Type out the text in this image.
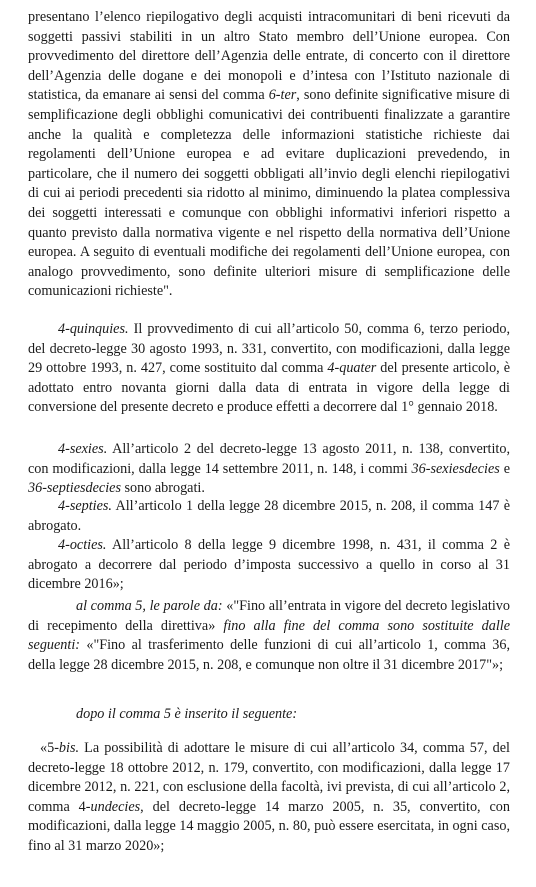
presentano l’elenco riepilogativo degli acquisti intracomunitari di beni ricevuti da soggetti passivi stabiliti in un altro Stato membro dell’Unione europea. Con provvedimento del direttore dell’Agenzia delle entrate, di concerto con il direttore dell’Agenzia delle dogane e dei monopoli e d’intesa con l’Istituto nazionale di statistica, da emanare ai sensi del comma 6-ter, sono definite significative misure di semplificazione degli obblighi comunicativi dei contribuenti finalizzate a garantire anche la qualità e completezza delle informazioni statistiche richieste dai regolamenti dell’Unione europea e ad evitare duplicazioni prevedendo, in particolare, che il numero dei soggetti obbligati all’invio degli elenchi riepilogativi di cui ai periodi precedenti sia ridotto al minimo, diminuendo la platea complessiva dei soggetti interessati e comunque con obblighi informativi inferiori rispetto a quanto previsto dalla normativa vigente e nel rispetto della normativa dell’Unione europea. A seguito di eventuali modifiche dei regolamenti dell’Unione europea, con analogo provvedimento, sono definite ulteriori misure di semplificazione delle comunicazioni richieste".

4-quinquies. Il provvedimento di cui all’articolo 50, comma 6, terzo periodo, del decreto-legge 30 agosto 1993, n. 331, convertito, con modificazioni, dalla legge 29 ottobre 1993, n. 427, come sostituito dal comma 4-quater del presente articolo, è adottato entro novanta giorni dalla data di entrata in vigore della legge di conversione del presente decreto e produce effetti a decorrere dal 1° gennaio 2018.

4-sexies. All’articolo 2 del decreto-legge 13 agosto 2011, n. 138, convertito, con modificazioni, dalla legge 14 settembre 2011, n. 148, i commi 36-sexiesdecies e 36-septiesdecies sono abrogati.

4-septies. All’articolo 1 della legge 28 dicembre 2015, n. 208, il comma 147 è abrogato.

4-octies. All’articolo 8 della legge 9 dicembre 1998, n. 431, il comma 2 è abrogato a decorrere dal periodo d’imposta successivo a quello in corso al 31 dicembre 2016»;

al comma 5, le parole da: «"Fino all’entrata in vigore del decreto legislativo di recepimento della direttiva» fino alla fine del comma sono sostituite dalle seguenti: «"Fino al trasferimento delle funzioni di cui all’articolo 1, comma 36, della legge 28 dicembre 2015, n. 208, e comunque non oltre il 31 dicembre 2017"»;

dopo il comma 5 è inserito il seguente:

«5-bis. La possibilità di adottare le misure di cui all’articolo 34, comma 57, del decreto-legge 18 ottobre 2012, n. 179, convertito, con modificazioni, dalla legge 17 dicembre 2012, n. 221, con esclusione della facoltà, ivi prevista, di cui all’articolo 2, comma 4-undecies, del decreto-legge 14 marzo 2005, n. 35, convertito, con modificazioni, dalla legge 14 maggio 2005, n. 80, può essere esercitata, in ogni caso, fino al 31 marzo 2020»;
